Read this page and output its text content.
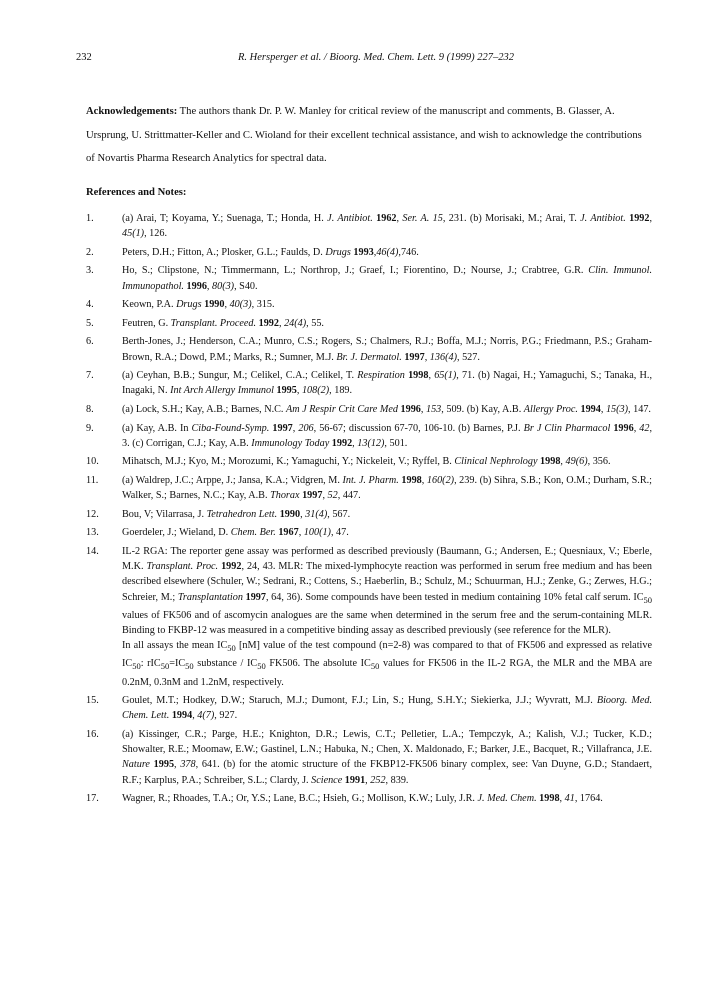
232	R. Hersperger et al. / Bioorg. Med. Chem. Lett. 9 (1999) 227–232

Acknowledgements: The authors thank Dr. P. W. Manley for critical review of the manuscript and comments, B. Glasser, A. Ursprung, U. Strittmatter-Keller and C. Wioland for their excellent technical assistance, and wish to acknowledge the contributions of Novartis Pharma Research Analytics for spectral data.

References and Notes:

1.	(a) Arai, T; Koyama, Y.; Suenaga, T.; Honda, H. J. Antibiot. 1962, Ser. A. 15, 231. (b) Morisaki, M.; Arai, T. J. Antibiot. 1992, 45(1), 126.
2.	Peters, D.H.; Fitton, A.; Plosker, G.L.; Faulds, D. Drugs 1993,46(4),746.
3.	Ho, S.; Clipstone, N.; Timmermann, L.; Northrop, J.; Graef, I.; Fiorentino, D.; Nourse, J.; Crabtree, G.R. Clin. Immunol. Immunopathol. 1996, 80(3), S40.
4.	Keown, P.A. Drugs 1990, 40(3), 315.
5.	Feutren, G. Transplant. Proceed. 1992, 24(4), 55.
6.	Berth-Jones, J.; Henderson, C.A.; Munro, C.S.; Rogers, S.; Chalmers, R.J.; Boffa, M.J.; Norris, P.G.; Friedmann, P.S.; Graham-Brown, R.A.; Dowd, P.M.; Marks, R.; Sumner, M.J. Br. J. Dermatol. 1997, 136(4), 527.
7.	(a) Ceyhan, B.B.; Sungur, M.; Celikel, C.A.; Celikel, T. Respiration 1998, 65(1), 71. (b) Nagai, H.; Yamaguchi, S.; Tanaka, H., Inagaki, N. Int Arch Allergy Immunol 1995, 108(2), 189.
8.	(a) Lock, S.H.; Kay, A.B.; Barnes, N.C. Am J Respir Crit Care Med 1996, 153, 509. (b) Kay, A.B. Allergy Proc. 1994, 15(3), 147.
9.	(a) Kay, A.B. In Ciba-Found-Symp. 1997, 206, 56-67; discussion 67-70, 106-10. (b) Barnes, P.J. Br J Clin Pharmacol 1996, 42, 3. (c) Corrigan, C.J.; Kay, A.B. Immunology Today 1992, 13(12), 501.
10. Mihatsch, M.J.; Kyo, M.; Morozumi, K.; Yamaguchi, Y.; Nickeleit, V.; Ryffel, B. Clinical Nephrology 1998, 49(6), 356.
11. (a) Waldrep, J.C.; Arppe, J.; Jansa, K.A.; Vidgren, M. Int. J. Pharm. 1998, 160(2), 239. (b) Sihra, S.B.; Kon, O.M.; Durham, S.R.; Walker, S.; Barnes, N.C.; Kay, A.B. Thorax 1997, 52, 447.
12. Bou, V; Vilarrasa, J. Tetrahedron Lett. 1990, 31(4), 567.
13. Goerdeler, J.; Wieland, D. Chem. Ber. 1967, 100(1), 47.
14. IL-2 RGA: The reporter gene assay was performed as described previously (Baumann, G.; Andersen, E.; Quesniaux, V.; Eberle, M.K. Transplant. Proc. 1992, 24, 43. MLR: The mixed-lymphocyte reaction was performed in serum free medium and has been described elsewhere (Schuler, W.; Sedrani, R.; Cottens, S.; Haeberlin, B.; Schulz, M.; Schuurman, H.J.; Zenke, G.; Zerwes, H.G.; Schreier, M.; Transplantation 1997, 64, 36). Some compounds have been tested in medium containing 10% fetal calf serum. $IC_{50}$ values of FK506 and of ascomycin analogues are the same when determined in the serum free and the serum-containing MLR. Binding to FKBP-12 was measured in a competitive binding assay as described previously (see reference for the MLR).

In all assays the mean $IC_{50}$ [nM] value of the test compound (n=2-8) was compared to that of FK506 and expressed as relative $IC_{50}$: $rIC_{50}=IC_{50}$ substance / $IC_{50}$ FK506. The absolute $IC_{50}$ values for FK506 in the IL-2 RGA, the MLR and the MBA are 0.2nM, 0.3nM and 1.2nM, respectively.

15. Goulet, M.T.; Hodkey, D.W.; Staruch, M.J.; Dumont, F.J.; Lin, S.; Hung, S.H.Y.; Siekierka, J.J.; Wyvratt, M.J. Bioorg. Med. Chem. Lett. 1994, 4(7), 927.
16. (a) Kissinger, C.R.; Parge, H.E.; Knighton, D.R.; Lewis, C.T.; Pelletier, L.A.; Tempczyk, A.; Kalish, V.J.; Tucker, K.D.; Showalter, R.E.; Moomaw, E.W.; Gastinel, L.N.; Habuka, N.; Chen, X. Maldonado, F.; Barker, J.E., Bacquet, R.; Villafranca, J.E. Nature 1995, 378, 641. (b) for the atomic structure of the FKBP12-FK506 binary complex, see: Van Duyne, G.D.; Standaert, R.F.; Karplus, P.A.; Schreiber, S.L.; Clardy, J. Science 1991, 252, 839.
17. Wagner, R.; Rhoades, T.A.; Or, Y.S.; Lane, B.C.; Hsieh, G.; Mollison, K.W.; Luly, J.R. J. Med. Chem. 1998, 41, 1764.
